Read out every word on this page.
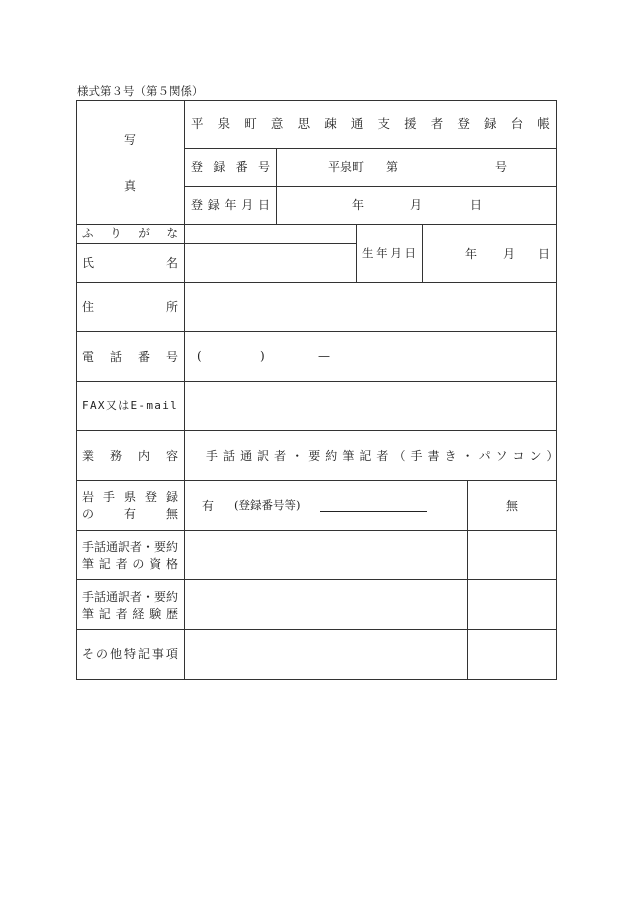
様式第３号（第５関係）
写
真
平 泉 町 意 思 疎 通 支 援 者 登 録 台 帳
登 録 番 号	平泉町 第	号
登 録 年 月 日	年	月	日
ふ り が な
氏	名
生 年 月 日	年 月 日
住	所
電 話 番 号 (	)	—
FAX又はE-mail
業 務 内 容 手話通訳者・要約筆記者（手書き・パソコン）
岩 手 県 登 録
の 有 無
有 (登録番号等)	無
手話通訳者・要約
筆 記 者 の 資 格
手話通訳者・要約
筆 記 者 経 験 歴
そ の 他 特 記 事 項
